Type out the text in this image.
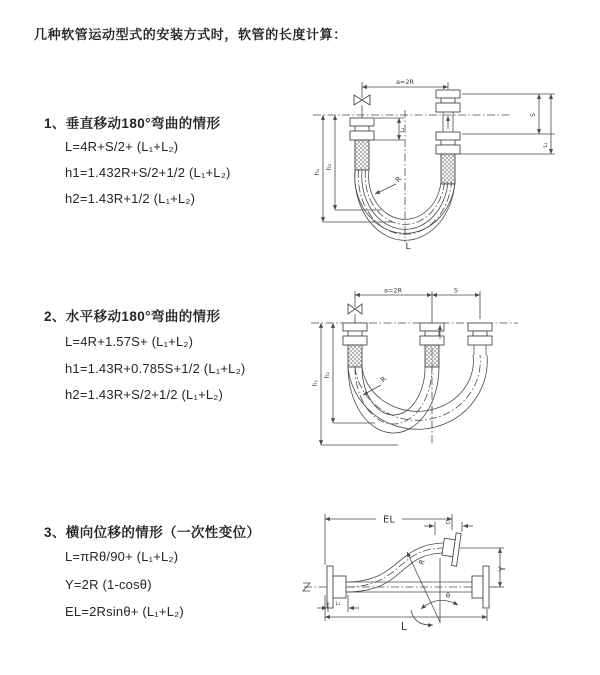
几种软管运动型式的安装方式时，软管的长度计算：
1、垂直移动180°弯曲的情形
L=4R+S/2+ (L₁+L₂)
h1=1.432R+S/2+1/2 (L₁+L₂)
h2=1.43R+1/2 (L₁+L₂)
2、水平移动180°弯曲的情形
L=4R+1.57S+ (L₁+L₂)
h1=1.43R+0.785S+1/2 (L₁+L₂)
h2=1.43R+S/2+1/2 (L₁+L₂)
3、横向位移的情形（一次性变位）
L=πRθ/90+ (L₁+L₂)
Y=2R (1-cosθ)
EL=2Rsinθ+ (L₁+L₂)
a=2R
R
h₁
h₂
L₁
S
L₁
L
a=2R	S
R
h₁
h₂
EL	L₂
Y
R
θ
L
L₁
